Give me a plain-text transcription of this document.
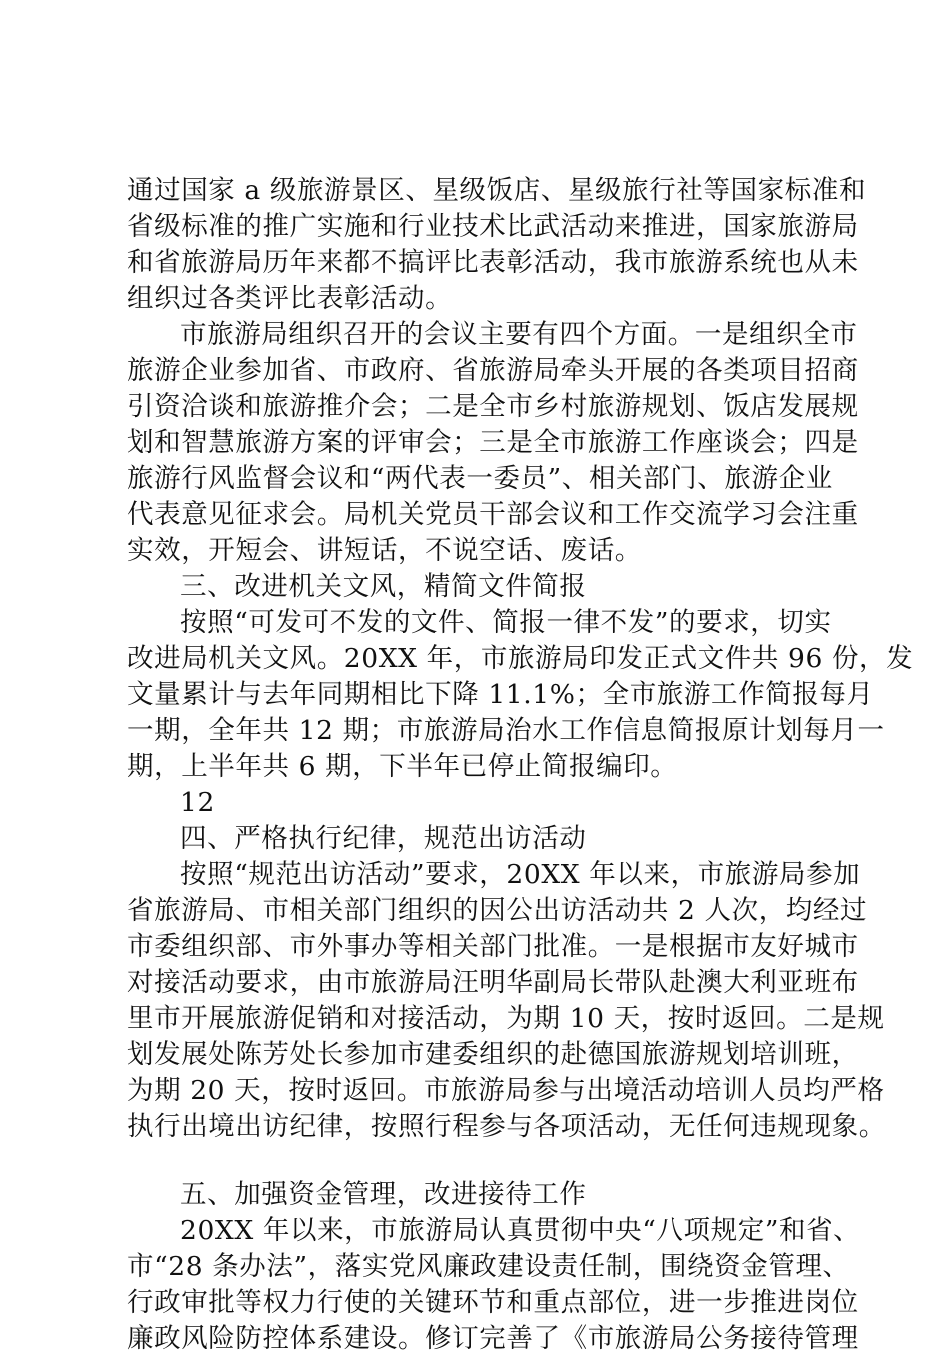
通过国家 a 级旅游景区、星级饭店、星级旅行社等国家标准和
省级标准的推广实施和行业技术比武活动来推进，国家旅游局
和省旅游局历年来都不搞评比表彰活动，我市旅游系统也从未
组织过各类评比表彰活动。
市旅游局组织召开的会议主要有四个方面。一是组织全市
旅游企业参加省、市政府、省旅游局牵头开展的各类项目招商
引资洽谈和旅游推介会；二是全市乡村旅游规划、饭店发展规
划和智慧旅游方案的评审会；三是全市旅游工作座谈会；四是
旅游行风监督会议和“两代表一委员”、相关部门、旅游企业
代表意见征求会。局机关党员干部会议和工作交流学习会注重
实效，开短会、讲短话，不说空话、废话。
三、改进机关文风，精简文件简报
按照“可发可不发的文件、简报一律不发”的要求，切实
改进局机关文风。20XX 年，市旅游局印发正式文件共 96 份，发
文量累计与去年同期相比下降 11.1%；全市旅游工作简报每月
一期，全年共 12 期；市旅游局治水工作信息简报原计划每月一
期，上半年共 6 期，下半年已停止简报编印。
12
四、严格执行纪律，规范出访活动
按照“规范出访活动”要求，20XX 年以来，市旅游局参加
省旅游局、市相关部门组织的因公出访活动共 2 人次，均经过
市委组织部、市外事办等相关部门批准。一是根据市友好城市
对接活动要求，由市旅游局汪明华副局长带队赴澳大利亚班布
里市开展旅游促销和对接活动，为期 10 天，按时返回。二是规
划发展处陈芳处长参加市建委组织的赴德国旅游规划培训班，
为期 20 天，按时返回。市旅游局参与出境活动培训人员均严格
执行出境出访纪律，按照行程参与各项活动，无任何违规现象。
五、加强资金管理，改进接待工作
20XX 年以来，市旅游局认真贯彻中央“八项规定”和省、
市“28 条办法”，落实党风廉政建设责任制，围绕资金管理、
行政审批等权力行使的关键环节和重点部位，进一步推进岗位
廉政风险防控体系建设。修订完善了《市旅游局公务接待管理
